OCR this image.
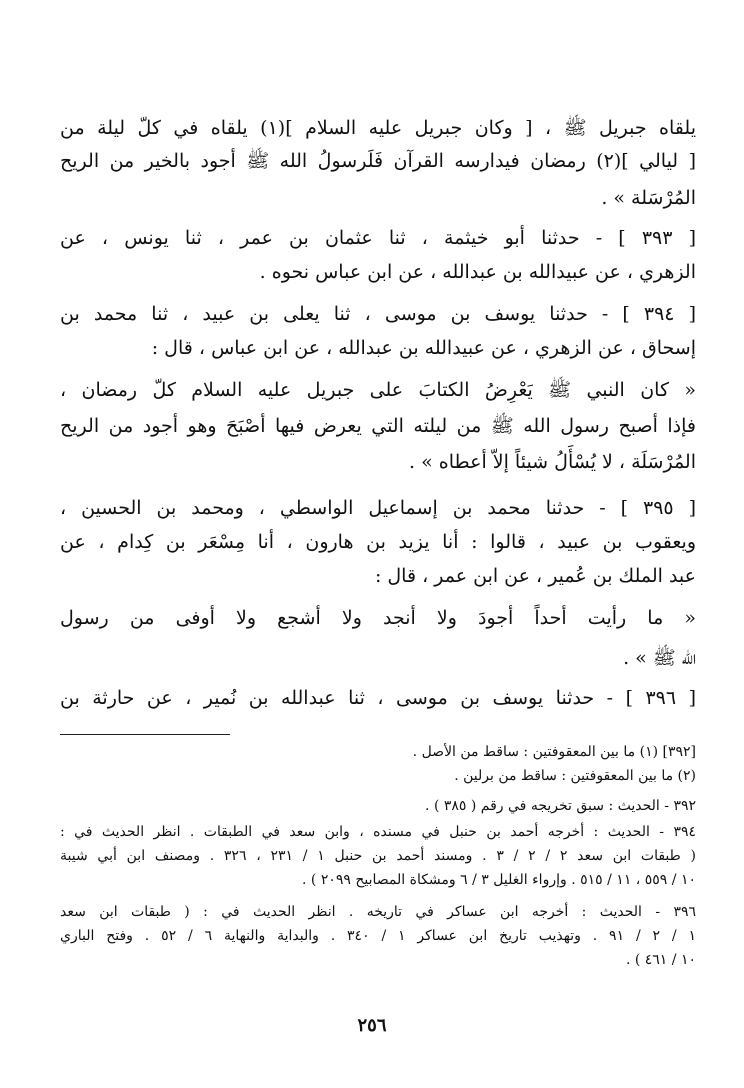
يلقاه جبريل ﷺ ، [ وكان جبريل عليه السلام ](١) يلقاه في كلّ ليلة من
[ ليالي ](٢) رمضان فيدارسه القرآن فَلَرسولُ الله ﷺ أجود بالخير من الريح
المُرْسَلة » .
[ ٣٩٣ ] - حدثنا أبو خيثمة ، ثنا عثمان بن عمر ، ثنا يونس ، عن
الزهري ، عن عبيدالله بن عبدالله ، عن ابن عباس نحوه .
[ ٣٩٤ ] - حدثنا يوسف بن موسى ، ثنا يعلى بن عبيد ، ثنا محمد بن
إسحاق ، عن الزهري ، عن عبيدالله بن عبدالله ، عن ابن عباس ، قال :
« كان النبي ﷺ يَعْرِضُ الكتابَ على جبريل عليه السلام كلّ رمضان ،
فإذا أصبح رسول الله ﷺ من ليلته التي يعرض فيها أصْبَحَ وهو أجود من الريح
المُرْسَلَة ، لا يُسْأَلُ شيئاً إلاّ أعطاه » .
[ ٣٩٥ ] - حدثنا محمد بن إسماعيل الواسطي ، ومحمد بن الحسين ،
ويعقوب بن عبيد ، قالوا : أنا يزيد بن هارون ، أنا مِسْعَر بن كِدام ، عن
عبد الملك بن عُمير ، عن ابن عمر ، قال :
« ما رأيت أحداً أجودَ ولا أنجد ولا أشجع ولا أوفى من رسول
الله ﷺ » .
[ ٣٩٦ ] - حدثنا يوسف بن موسى ، ثنا عبدالله بن نُمير ، عن حارثة بن
[٣٩٢] (١) ما بين المعقوفتين : ساقط من الأصل .
(٢) ما بين المعقوفتين : ساقط من برلين .
٣٩٢ - الحديث : سبق تخريجه في رقم ( ٣٨٥ ) .
٣٩٤ - الحديث : أخرجه أحمد بن حنبل في مسنده ، وابن سعد في الطبقات . انظر الحديث في :
( طبقات ابن سعد ٢ / ٢ / ٣ . ومسند أحمد بن حنبل ١ / ٢٣١ ، ٣٢٦ . ومصنف ابن أبي شيبة
١٠ / ٥٥٩ ، ١١ / ٥١٥ . وإرواء الغليل ٣ / ٦ ومشكاة المصابيح ٢٠٩٩ ) .
٣٩٦ - الحديث : أخرجه ابن عساكر في تاريخه . انظر الحديث في : ( طبقات ابن سعد
١ / ٢ / ٩١ . وتهذيب تاريخ ابن عساكر ١ / ٣٤٠ . والبداية والنهاية ٦ / ٥٢ . وفتح الباري
١٠ / ٤٦١ ) .
٢٥٦
